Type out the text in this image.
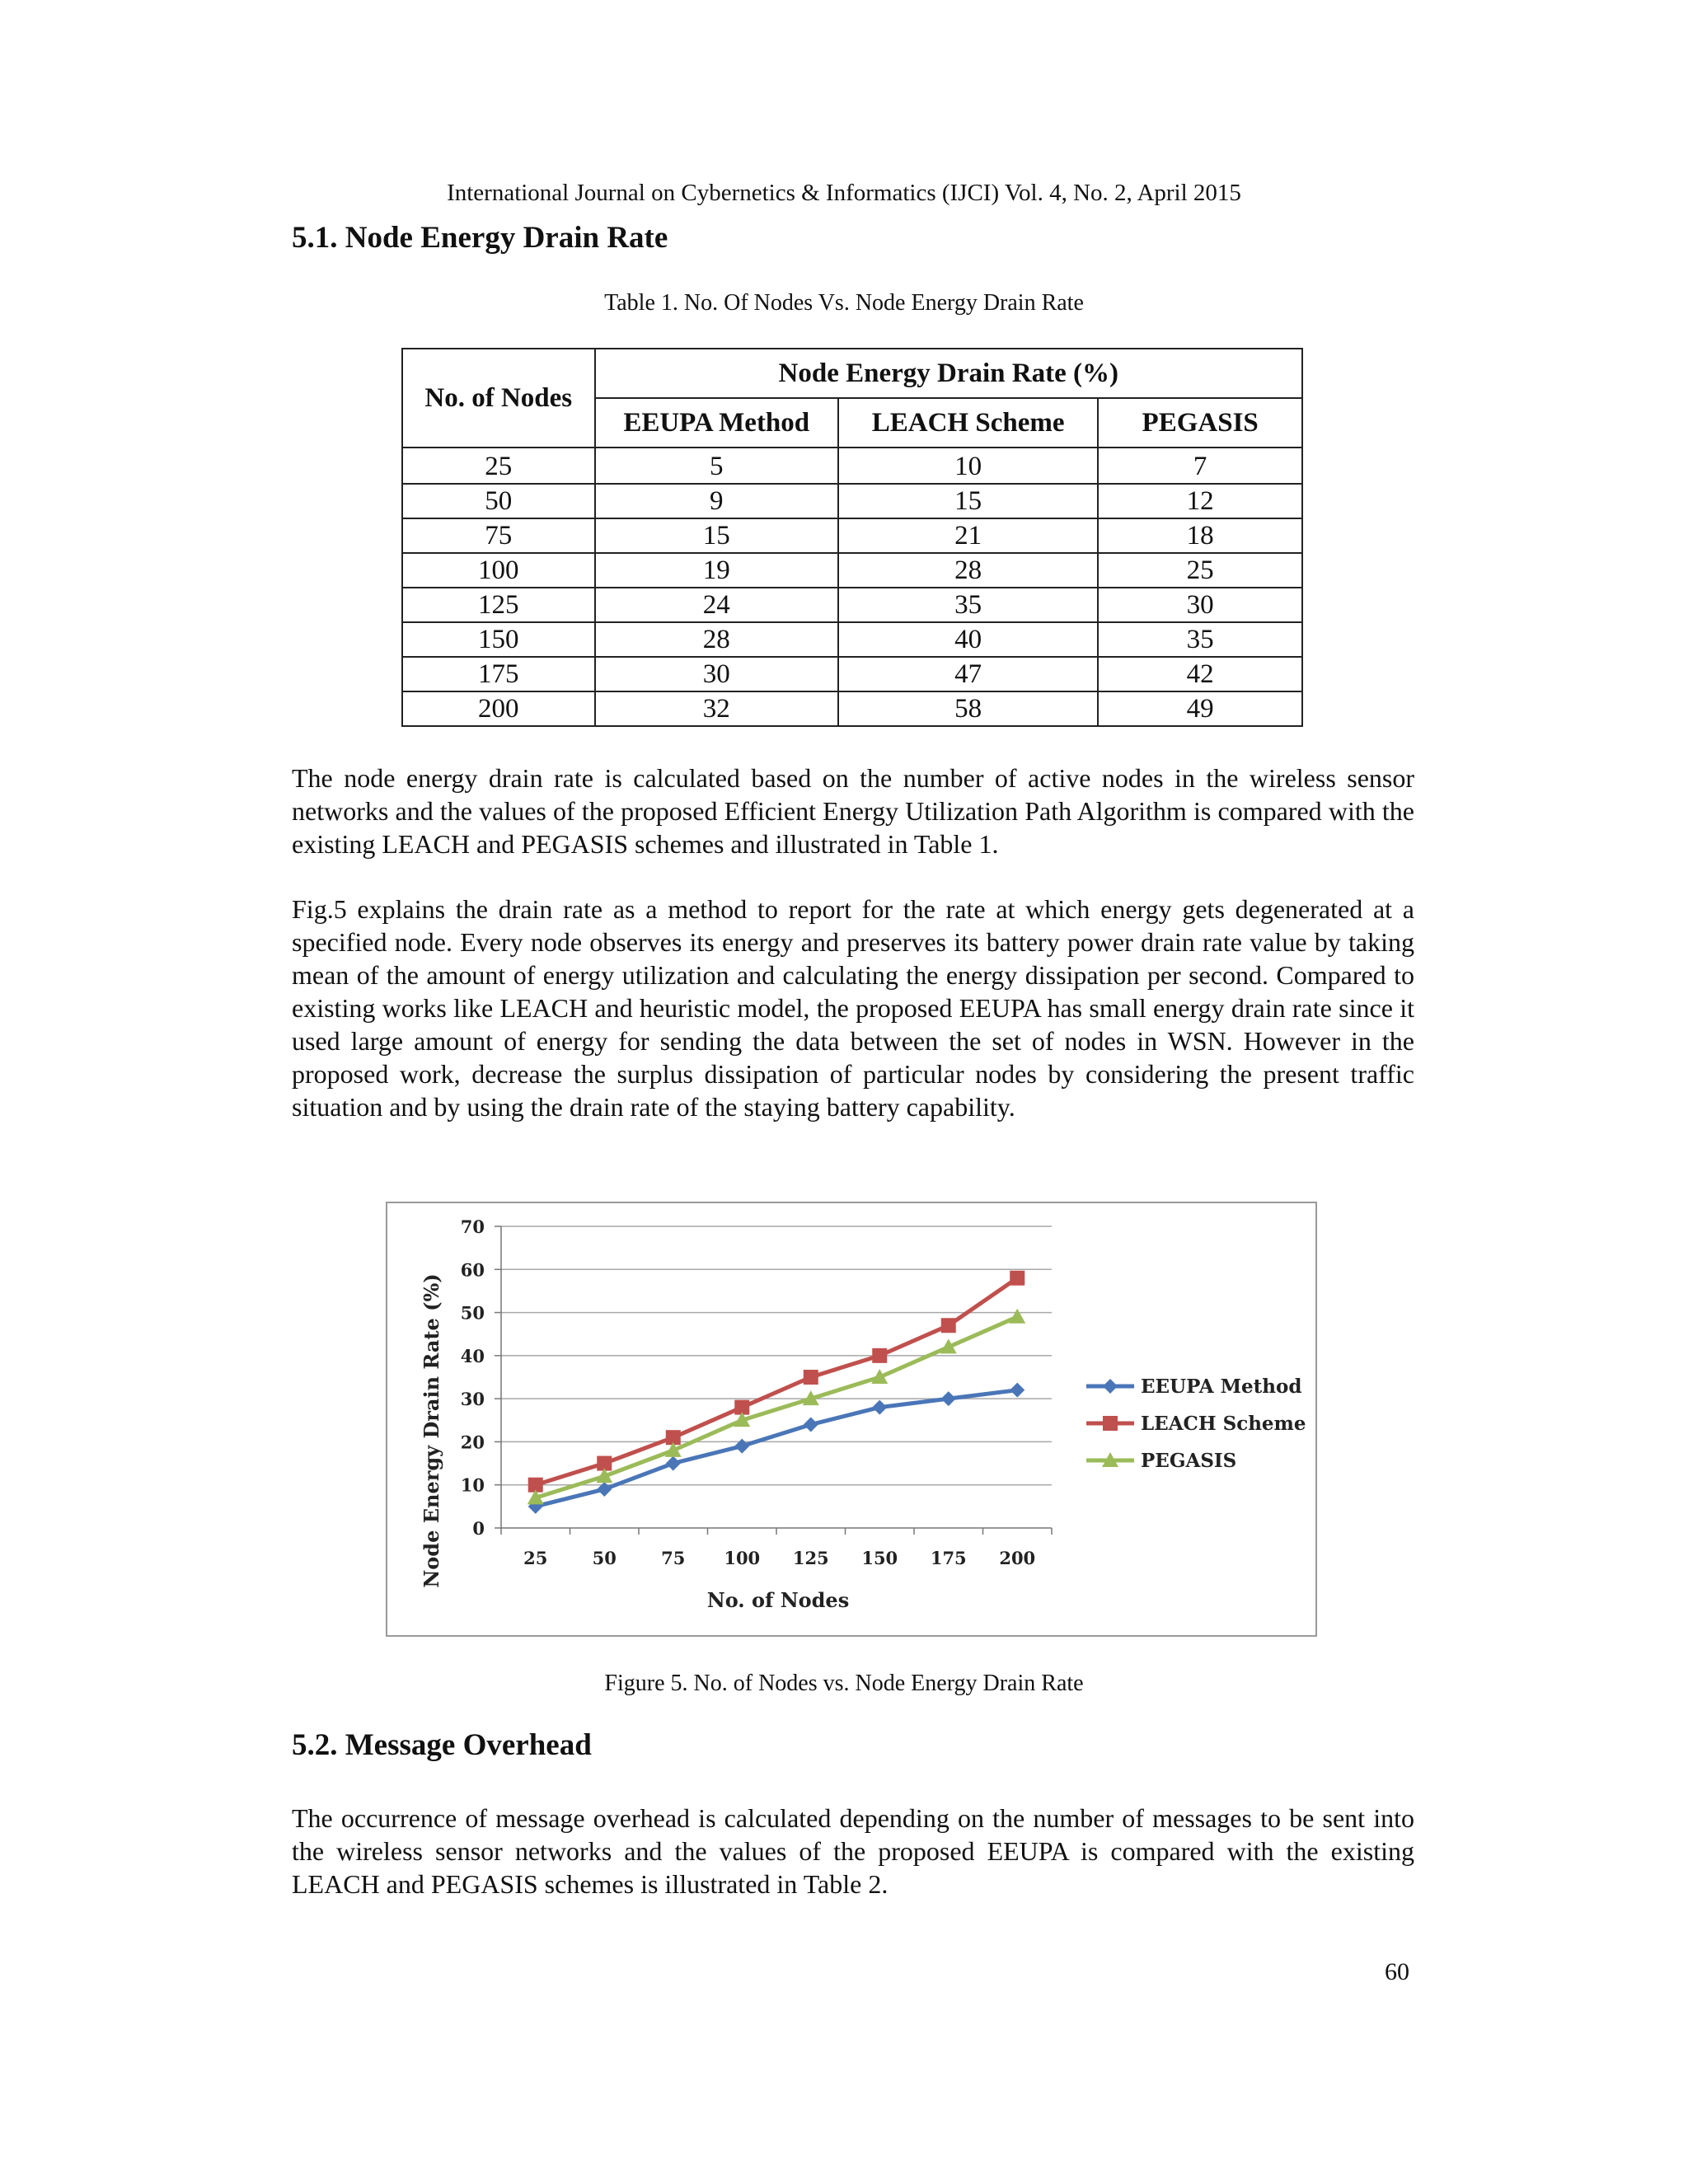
International Journal on Cybernetics & Informatics (IJCI) Vol. 4, No. 2, April 2015
5.1. Node Energy Drain Rate
Table 1. No. Of Nodes Vs. Node Energy Drain Rate
No. of Nodes	Node Energy Drain Rate (%)		
	EEUPA Method	LEACH Scheme	PEGASIS
25	5	10	7
50	9	15	12
75	15	21	18
100	19	28	25
125	24	35	30
150	28	40	35
175	30	47	42
200	32	58	49

The node energy drain rate is calculated based on the number of active nodes in the wireless sensor networks and the values of the proposed Efficient Energy Utilization Path Algorithm is compared with the existing LEACH and PEGASIS schemes and illustrated in Table 1.

Fig.5 explains the drain rate as a method to report for the rate at which energy gets degenerated at a specified node. Every node observes its energy and preserves its battery power drain rate value by taking mean of the amount of energy utilization and calculating the energy dissipation per second. Compared to existing works like LEACH and heuristic model, the proposed EEUPA has small energy drain rate since it used large amount of energy for sending the data between the set of nodes in WSN. However in the proposed work, decrease the surplus dissipation of particular nodes by considering the present traffic situation and by using the drain rate of the staying battery capability.

0
10
20
30
40
50
60
70
25	50	75 100 125 150 175 200
EEUPA Method
LEACH Scheme
PEGASIS
No. of Nodes
Node Energy Drain Rate (%)
Figure 5. No. of Nodes vs. Node Energy Drain Rate
5.2. Message Overhead

The occurrence of message overhead is calculated depending on the number of messages to be sent into the wireless sensor networks and the values of the proposed EEUPA is compared with the existing LEACH and PEGASIS schemes is illustrated in Table 2.

60
